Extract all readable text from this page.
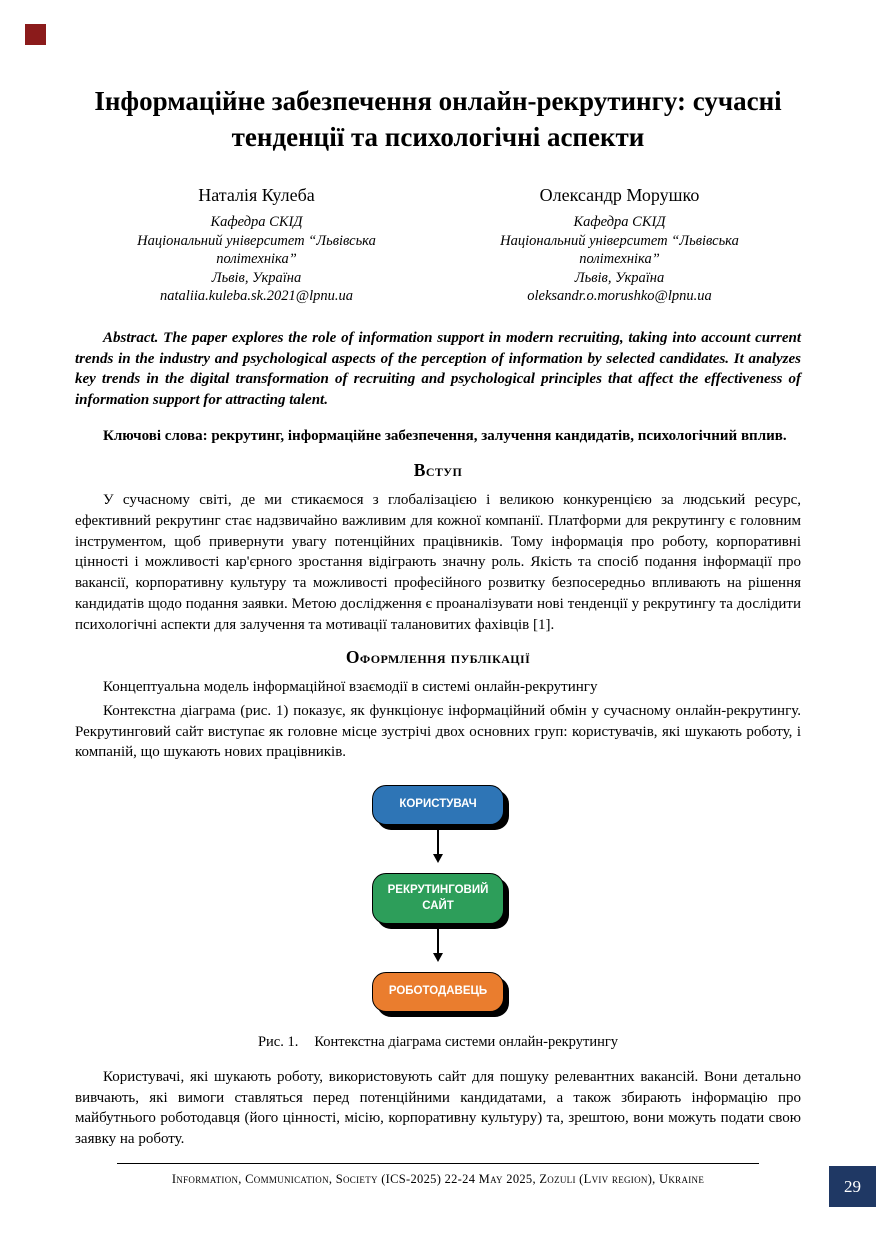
Інформаційне забезпечення онлайн-рекрутингу: сучасні тенденції та психологічні аспекти
Наталія Кулеба
Кафедра СКІД
Національний університет “Львівська політехніка”
Львів, Україна
nataliia.kuleba.sk.2021@lpnu.ua
Олександр Морушко
Кафедра СКІД
Національний університет “Львівська політехніка”
Львів, Україна
oleksandr.o.morushko@lpnu.ua

Abstract. The paper explores the role of information support in modern recruiting, taking into account current trends in the industry and psychological aspects of the perception of information by selected candidates. It analyzes key trends in the digital transformation of recruiting and psychological principles that affect the effectiveness of information support for attracting talent.

Ключові слова: рекрутинг, інформаційне забезпечення, залучення кандидатів, психологічний вплив.

Вступ

У сучасному світі, де ми стикаємося з глобалізацією і великою конкуренцією за людський ресурс, ефективний рекрутинг стає надзвичайно важливим для кожної компанії. Платформи для рекрутингу є головним інструментом, щоб привернути увагу потенційних працівників. Тому інформація про роботу, корпоративні цінності і можливості кар'єрного зростання відіграють значну роль. Якість та спосіб подання інформації про вакансії, корпоративну культуру та можливості професійного розвитку безпосередньо впливають на рішення кандидатів щодо подання заявки. Метою дослідження є проаналізувати нові тенденції у рекрутингу та дослідити психологічні аспекти для залучення та мотивації талановитих фахівців [1].

Оформлення публікації

Концептуальна модель інформаційної взаємодії в системі онлайн-рекрутингу

Контекстна діаграма (рис. 1) показує, як функціонує інформаційний обмін у сучасному онлайн-рекрутингу. Рекрутинговий сайт виступає як головне місце зустрічі двох основних груп: користувачів, які шукають роботу, і компаній, що шукають нових працівників.

КОРИСТУВАЧ
РЕКРУТИНГОВИЙ САЙТ
РОБОТОДАВЕЦЬ

Рис. 1. Контекстна діаграма системи онлайн-рекрутингу

Користувачі, які шукають роботу, використовують сайт для пошуку релевантних вакансій. Вони детально вивчають, які вимоги ставляться перед потенційними кандидатами, а також збирають інформацію про майбутнього роботодавця (його цінності, місію, корпоративну культуру) та, зрештою, вони можуть подати свою заявку на роботу.

Information, Communication, Society (ICS-2025) 22-24 May 2025, Zozuli (Lviv region), Ukraine	29
